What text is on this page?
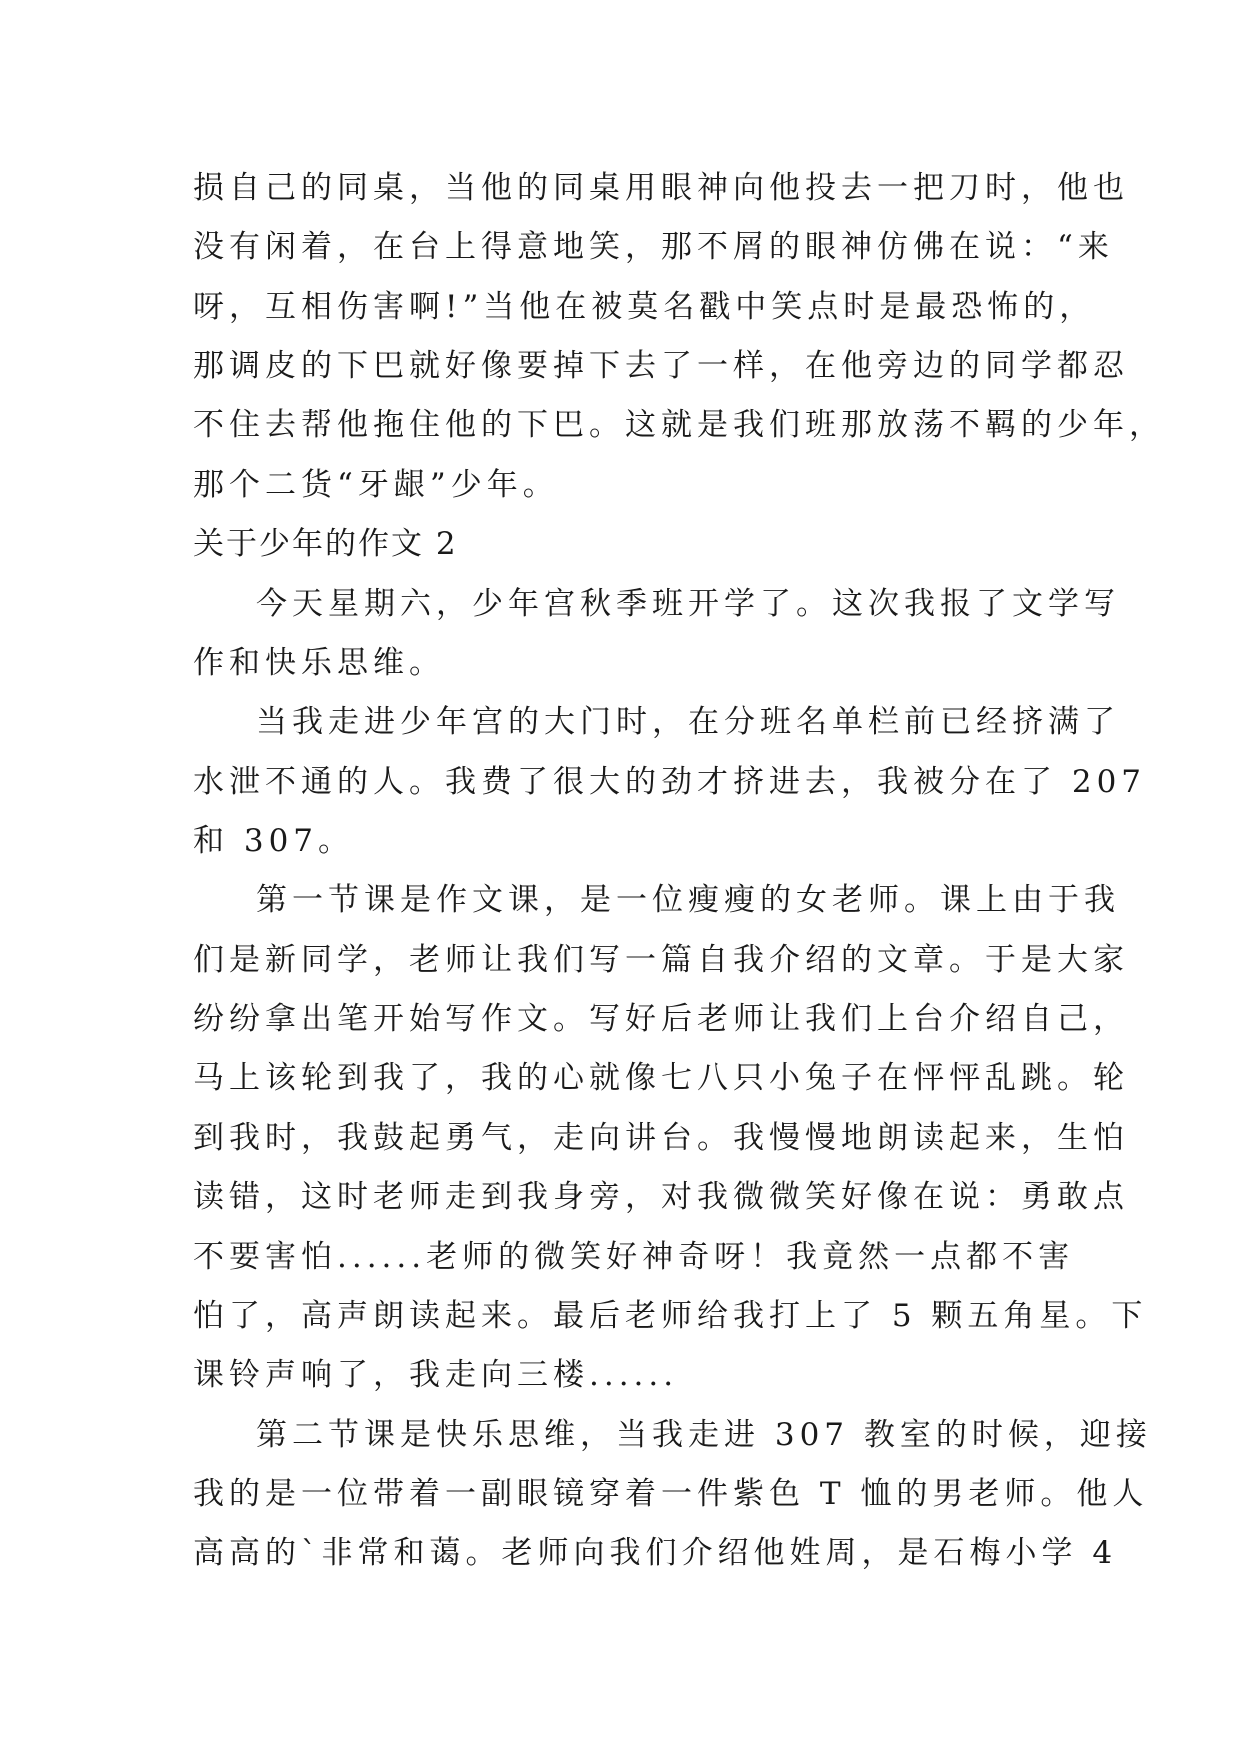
损自己的同桌，当他的同桌用眼神向他投去一把刀时，他也
没有闲着，在台上得意地笑，那不屑的眼神仿佛在说：“来
呀，互相伤害啊!”当他在被莫名戳中笑点时是最恐怖的，
那调皮的下巴就好像要掉下去了一样，在他旁边的同学都忍
不住去帮他拖住他的下巴。这就是我们班那放荡不羁的少年，
那个二货“牙龈”少年。
关于少年的作文 2
今天星期六，少年宫秋季班开学了。这次我报了文学写
作和快乐思维。
当我走进少年宫的大门时，在分班名单栏前已经挤满了
水泄不通的人。我费了很大的劲才挤进去，我被分在了 207
和 307。
第一节课是作文课，是一位瘦瘦的女老师。课上由于我
们是新同学，老师让我们写一篇自我介绍的文章。于是大家
纷纷拿出笔开始写作文。写好后老师让我们上台介绍自己，
马上该轮到我了，我的心就像七八只小兔子在怦怦乱跳。轮
到我时，我鼓起勇气，走向讲台。我慢慢地朗读起来，生怕
读错，这时老师走到我身旁，对我微微笑好像在说：勇敢点
不要害怕......老师的微笑好神奇呀！我竟然一点都不害
怕了，高声朗读起来。最后老师给我打上了 5 颗五角星。下
课铃声响了，我走向三楼......
第二节课是快乐思维，当我走进 307 教室的时候，迎接
我的是一位带着一副眼镜穿着一件紫色 T 恤的男老师。他人
高高的`非常和蔼。老师向我们介绍他姓周，是石梅小学 4
